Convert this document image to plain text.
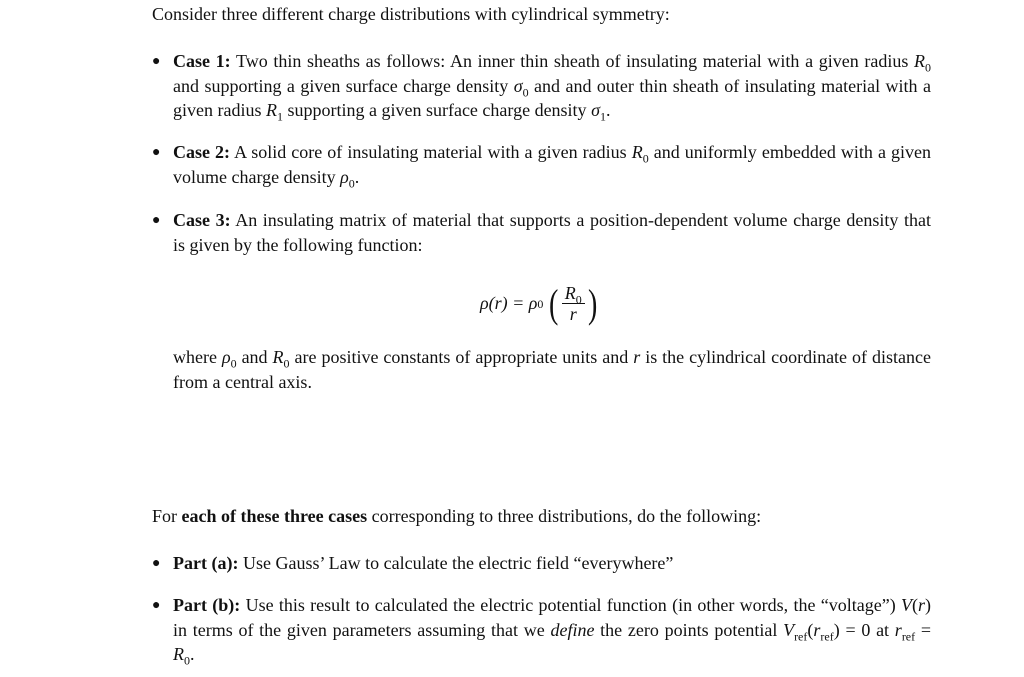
Consider three different charge distributions with cylindrical symmetry:
● Case 1: Two thin sheaths as follows: An inner thin sheath of insulating material with a given radius $R_0$ and supporting a given surface charge density $\sigma_0$ and and outer thin sheath of insulating material with a given radius $R_1$ supporting a given surface charge density $\sigma_1$.
● Case 2: A solid core of insulating material with a given radius $R_0$ and uniformly embedded with a given volume charge density $\rho_0$.
● Case 3: An insulating matrix of material that supports a position-dependent volume charge density that is given by the following function:
ρ(r) = ρ 0 ( $\frac{R_0}{r}$ )
where $\rho_0$ and $R_0$ are positive constants of appropriate units and r is the cylindrical coordinate of distance from a central axis.
For each of these three cases corresponding to three distributions, do the following:
● Part (a): Use Gauss’ Law to calculate the electric field “everywhere”
● Part (b): Use this result to calculated the electric potential function (in other words, the “voltage”) V(r) in terms of the given parameters assuming that we define the zero points potential $V_{ref}(r_{ref}) = 0$ at $r_{ref} = R_0$.
